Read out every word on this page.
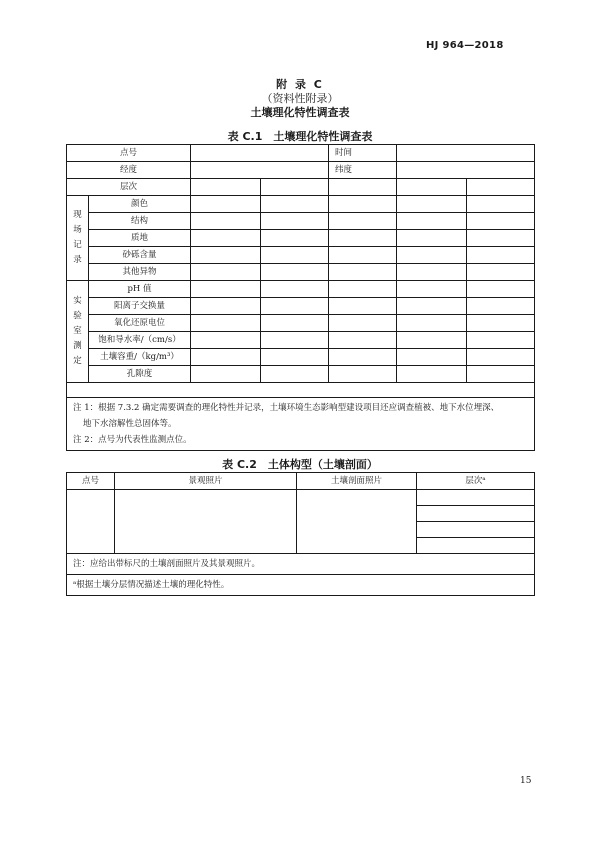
HJ 964—2018
附 录 C
（资料性附录）
土壤理化特性调查表
表 C.1　土壤理化特性调查表
点号				时间		
经度				纬度		
层次						

现场记录	颜色					
	结构					
	质地					
	砂砾含量					
	其他异物					

实验室测定	pH 值					
	阳离子交换量					
	氧化还原电位					
	饱和导水率/（cm/s）					
	土壤容重/（kg/m³）					
	孔隙度					

注 1：根据 7.3.2 确定需要调查的理化特性并记录，土壤环境生态影响型建设项目还应调查植被、地下水位埋深、
地下水溶解性总固体等。
注 2：点号为代表性监测点位。						
表 C.2　土体构型（土壤剖面）
点号	景观照片	土壤剖面照片	层次ᵃ

注：应给出带标尺的土壤剖面照片及其景观照片。			
ᵃ根据土壤分层情况描述土壤的理化特性。			
15
